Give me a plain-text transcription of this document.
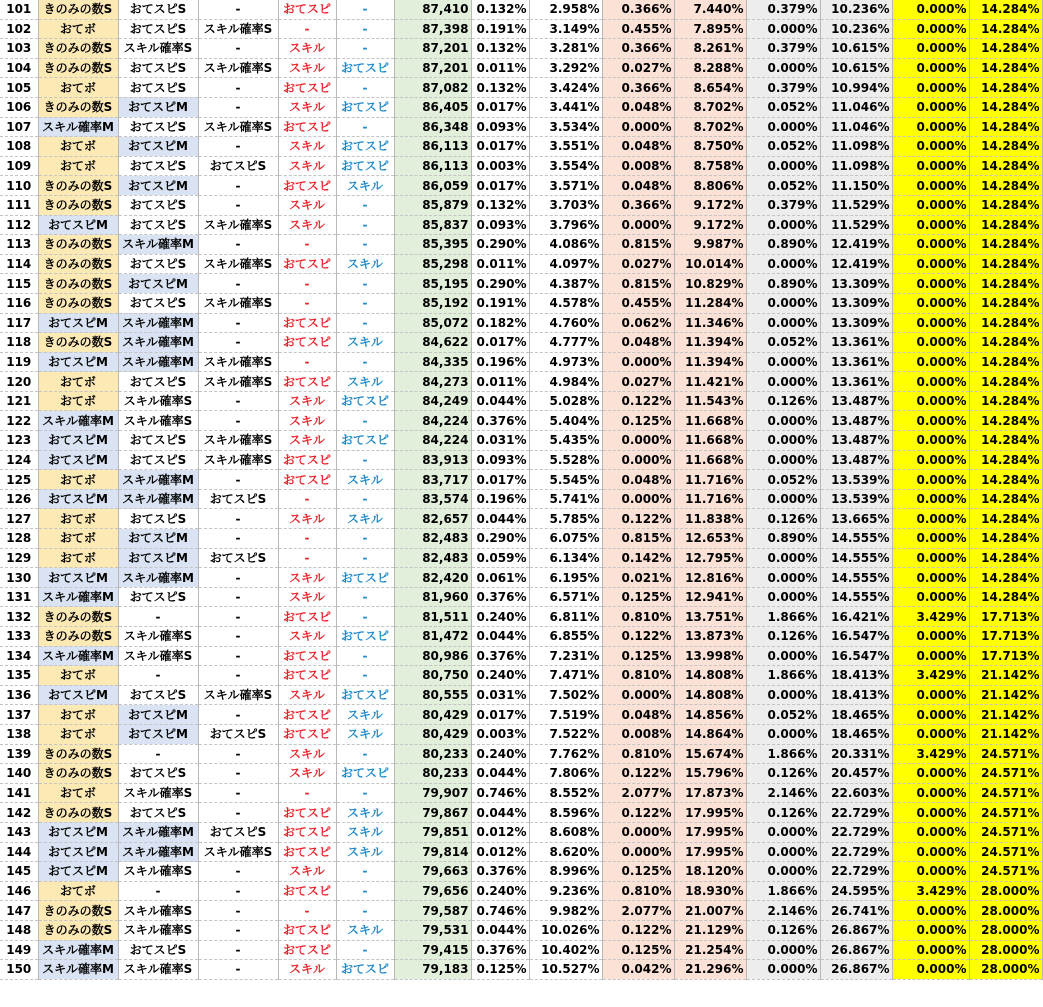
101	きのみの数S	おてスピS	-	おてスピ	-	87,410	0.132%	2.958%	0.366%	7.440%	0.379%	10.236%	0.000%	14.284%
102	おてボ	おてスピS	スキル確率S	-	-	87,398	0.191%	3.149%	0.455%	7.895%	0.000%	10.236%	0.000%	14.284%
103	きのみの数S	スキル確率S	-	スキル	-	87,201	0.132%	3.281%	0.366%	8.261%	0.379%	10.615%	0.000%	14.284%
104	きのみの数S	おてスピS	スキル確率S	スキル	おてスピ	87,201	0.011%	3.292%	0.027%	8.288%	0.000%	10.615%	0.000%	14.284%
105	おてボ	おてスピS	-	おてスピ	-	87,082	0.132%	3.424%	0.366%	8.654%	0.379%	10.994%	0.000%	14.284%
106	きのみの数S	おてスピM	-	スキル	おてスピ	86,405	0.017%	3.441%	0.048%	8.702%	0.052%	11.046%	0.000%	14.284%
107	スキル確率M	おてスピS	スキル確率S	おてスピ	-	86,348	0.093%	3.534%	0.000%	8.702%	0.000%	11.046%	0.000%	14.284%
108	おてボ	おてスピM	-	スキル	おてスピ	86,113	0.017%	3.551%	0.048%	8.750%	0.052%	11.098%	0.000%	14.284%
109	おてボ	おてスピS	おてスピS	スキル	おてスピ	86,113	0.003%	3.554%	0.008%	8.758%	0.000%	11.098%	0.000%	14.284%
110	きのみの数S	おてスピM	-	おてスピ	スキル	86,059	0.017%	3.571%	0.048%	8.806%	0.052%	11.150%	0.000%	14.284%
111	きのみの数S	おてスピS	-	スキル	-	85,879	0.132%	3.703%	0.366%	9.172%	0.379%	11.529%	0.000%	14.284%
112	おてスピM	おてスピS	スキル確率S	スキル	-	85,837	0.093%	3.796%	0.000%	9.172%	0.000%	11.529%	0.000%	14.284%
113	きのみの数S	スキル確率M	-	-	-	85,395	0.290%	4.086%	0.815%	9.987%	0.890%	12.419%	0.000%	14.284%
114	きのみの数S	おてスピS	スキル確率S	おてスピ	スキル	85,298	0.011%	4.097%	0.027%	10.014%	0.000%	12.419%	0.000%	14.284%
115	きのみの数S	おてスピM	-	-	-	85,195	0.290%	4.387%	0.815%	10.829%	0.890%	13.309%	0.000%	14.284%
116	きのみの数S	おてスピS	スキル確率S	-	-	85,192	0.191%	4.578%	0.455%	11.284%	0.000%	13.309%	0.000%	14.284%
117	おてスピM	スキル確率M	-	おてスピ	-	85,072	0.182%	4.760%	0.062%	11.346%	0.000%	13.309%	0.000%	14.284%
118	きのみの数S	スキル確率M	-	おてスピ	スキル	84,622	0.017%	4.777%	0.048%	11.394%	0.052%	13.361%	0.000%	14.284%
119	おてスピM	スキル確率M	スキル確率S	-	-	84,335	0.196%	4.973%	0.000%	11.394%	0.000%	13.361%	0.000%	14.284%
120	おてボ	おてスピS	スキル確率S	おてスピ	スキル	84,273	0.011%	4.984%	0.027%	11.421%	0.000%	13.361%	0.000%	14.284%
121	おてボ	スキル確率S	-	スキル	おてスピ	84,249	0.044%	5.028%	0.122%	11.543%	0.126%	13.487%	0.000%	14.284%
122	スキル確率M	スキル確率S	-	スキル	-	84,224	0.376%	5.404%	0.125%	11.668%	0.000%	13.487%	0.000%	14.284%
123	おてスピM	おてスピS	スキル確率S	スキル	おてスピ	84,224	0.031%	5.435%	0.000%	11.668%	0.000%	13.487%	0.000%	14.284%
124	おてスピM	おてスピS	スキル確率S	おてスピ	-	83,913	0.093%	5.528%	0.000%	11.668%	0.000%	13.487%	0.000%	14.284%
125	おてボ	スキル確率M	-	おてスピ	スキル	83,717	0.017%	5.545%	0.048%	11.716%	0.052%	13.539%	0.000%	14.284%
126	おてスピM	スキル確率M	おてスピS	-	-	83,574	0.196%	5.741%	0.000%	11.716%	0.000%	13.539%	0.000%	14.284%
127	おてボ	おてスピS	-	スキル	スキル	82,657	0.044%	5.785%	0.122%	11.838%	0.126%	13.665%	0.000%	14.284%
128	おてボ	おてスピM	-	-	-	82,483	0.290%	6.075%	0.815%	12.653%	0.890%	14.555%	0.000%	14.284%
129	おてボ	おてスピM	おてスピS	-	-	82,483	0.059%	6.134%	0.142%	12.795%	0.000%	14.555%	0.000%	14.284%
130	おてスピM	スキル確率M	-	スキル	おてスピ	82,420	0.061%	6.195%	0.021%	12.816%	0.000%	14.555%	0.000%	14.284%
131	スキル確率M	おてスピS	-	スキル	-	81,960	0.376%	6.571%	0.125%	12.941%	0.000%	14.555%	0.000%	14.284%
132	きのみの数S	-	-	おてスピ	-	81,511	0.240%	6.811%	0.810%	13.751%	1.866%	16.421%	3.429%	17.713%
133	きのみの数S	スキル確率S	-	スキル	おてスピ	81,472	0.044%	6.855%	0.122%	13.873%	0.126%	16.547%	0.000%	17.713%
134	スキル確率M	スキル確率S	-	おてスピ	-	80,986	0.376%	7.231%	0.125%	13.998%	0.000%	16.547%	0.000%	17.713%
135	おてボ	-	-	おてスピ	-	80,750	0.240%	7.471%	0.810%	14.808%	1.866%	18.413%	3.429%	21.142%
136	おてスピM	おてスピS	スキル確率S	スキル	おてスピ	80,555	0.031%	7.502%	0.000%	14.808%	0.000%	18.413%	0.000%	21.142%
137	おてボ	おてスピM	-	おてスピ	スキル	80,429	0.017%	7.519%	0.048%	14.856%	0.052%	18.465%	0.000%	21.142%
138	おてボ	おてスピM	おてスピS	おてスピ	スキル	80,429	0.003%	7.522%	0.008%	14.864%	0.000%	18.465%	0.000%	21.142%
139	きのみの数S	-	-	スキル	-	80,233	0.240%	7.762%	0.810%	15.674%	1.866%	20.331%	3.429%	24.571%
140	きのみの数S	おてスピS	-	スキル	おてスピ	80,233	0.044%	7.806%	0.122%	15.796%	0.126%	20.457%	0.000%	24.571%
141	おてボ	スキル確率S	-	-	-	79,907	0.746%	8.552%	2.077%	17.873%	2.146%	22.603%	0.000%	24.571%
142	きのみの数S	おてスピS	-	おてスピ	スキル	79,867	0.044%	8.596%	0.122%	17.995%	0.126%	22.729%	0.000%	24.571%
143	おてスピM	スキル確率M	おてスピS	おてスピ	スキル	79,851	0.012%	8.608%	0.000%	17.995%	0.000%	22.729%	0.000%	24.571%
144	おてスピM	スキル確率M	スキル確率S	おてスピ	スキル	79,814	0.012%	8.620%	0.000%	17.995%	0.000%	22.729%	0.000%	24.571%
145	おてスピM	スキル確率S	-	スキル	-	79,663	0.376%	8.996%	0.125%	18.120%	0.000%	22.729%	0.000%	24.571%
146	おてボ	-	-	おてスピ	-	79,656	0.240%	9.236%	0.810%	18.930%	1.866%	24.595%	3.429%	28.000%
147	きのみの数S	スキル確率S	-	-	-	79,587	0.746%	9.982%	2.077%	21.007%	2.146%	26.741%	0.000%	28.000%
148	きのみの数S	スキル確率S	-	おてスピ	スキル	79,531	0.044%	10.026%	0.122%	21.129%	0.126%	26.867%	0.000%	28.000%
149	スキル確率M	おてスピS	-	おてスピ	-	79,415	0.376%	10.402%	0.125%	21.254%	0.000%	26.867%	0.000%	28.000%
150	スキル確率M	スキル確率S	-	スキル	おてスピ	79,183	0.125%	10.527%	0.042%	21.296%	0.000%	26.867%	0.000%	28.000%
